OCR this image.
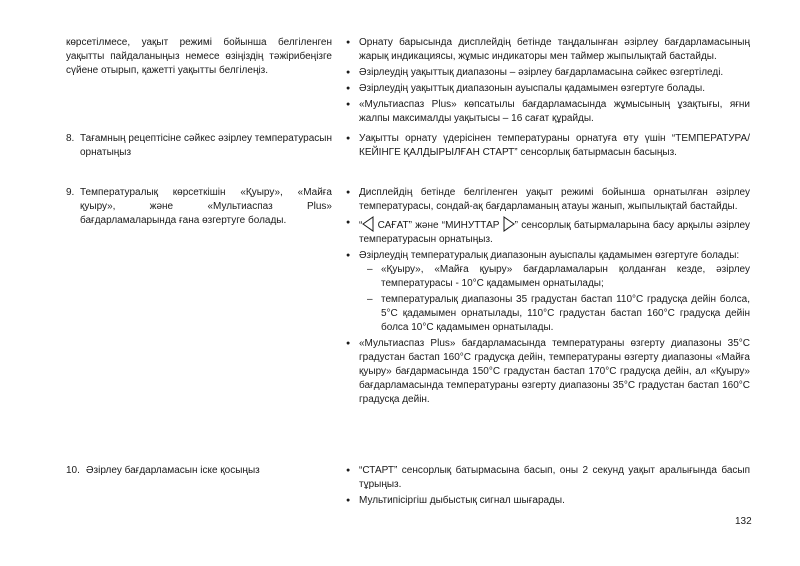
көрсетілмесе, уақыт режимі бойынша белгіленген уақытты пайдаланыңыз немесе өзіңіздің тәжірибеңізге сүйене отырып, қажетті уақытты белгілеңіз.
● Орнату барысында дисплейдің бетінде таңдалынған әзірлеу бағдарламасының жарық индикациясы, жұмыс индикаторы мен таймер жыпылықтай бастайды.
● Әзірлеудің уақыттық диапазоны – әзірлеу бағдарламасына сәйкес өзгертіледі.
● Әзірлеудің уақыттық диапазонын ауыспалы қадамымен өзгертуге болады.
● «Мультиаспаз Plus» көпсатылы бағдарламасында жұмысының ұзақтығы, яғни жалпы максималды уақытысы – 16 сағат құрайды.
8. Тағамның рецептісіне сәйкес әзірлеу температурасын орнатыңыз
● Уақытты орнату үдерісінен температураны орнатуға өту үшін “ТЕМПЕРАТУРА/КЕЙІНГЕ ҚАЛДЫРЫЛҒАН СТАРТ” сенсорлық батырмасын басыңыз.
9. Температуралық көрсеткішін «Қуыру», «Майға қуыру», және «Мультиаспаз Plus» бағдарламаларында ғана өзгертуге болады.
● Дисплейдің бетінде белгіленген уақыт режимі бойынша орнатылған әзірлеу температурасы, сондай-ақ бағдарламаның атауы жанып, жыпылықтай бастайды.
● “ САҒАТ” және “МИНУТТАР ” сенсорлық батырмаларына басу арқылы әзірлеу температурасын орнатыңыз.
● Әзірлеудің температуралық диапазонын ауыспалы қадамымен өзгертуге болады:
– «Қуыру», «Майға қуыру» бағдарламаларын қолданған кезде, әзірлеу температурасы - 10°C қадамымен орнатылады;
– температуралық диапазоны 35 градустан бастап 110°C градусқа дейін болса, 5°C қадамымен орнатылады, 110°C градустан бастап 160°C градусқа дейін болса 10°C қадамымен орнатылады.
● «Мультиаспаз Plus» бағдарламасында температураны өзгерту диапазоны 35°C градустан бастап 160°C градусқа дейін, температураны өзгерту диапазоны «Майға қуыру» бағдармасында 150°C градустан бастап 170°C градусқа дейін, ал «Қуыру» бағдарламасында температураны өзгерту диапазоны 35°C градустан бастап 160°C градусқа дейін.
10. Әзірлеу бағдарламасын іске қосыңыз
●	“СТАРТ” сенсорлық батырмасына басып, оны 2 секунд уақыт аралығында басып тұрыңыз.
● Мультипісіргіш дыбыстық сигнал шығарады.
132
